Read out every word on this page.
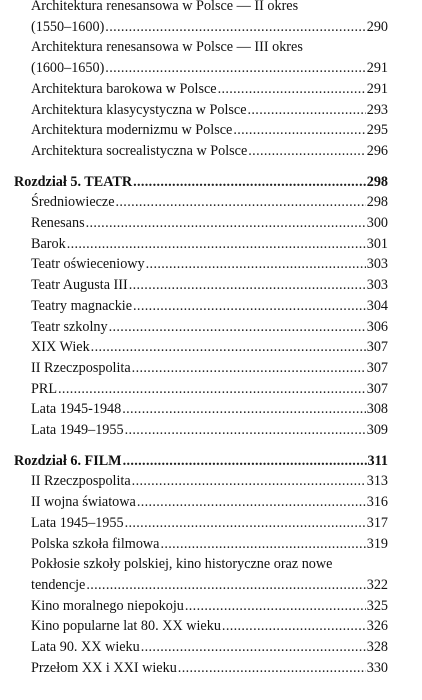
Architektura renesansowa w Polsce — II okres
(1550–1600) . . .	290
Architektura renesansowa w Polsce — III okres
(1600–1650) . . .	291
Architektura barokowa w Polsce . . .	291
Architektura klasycystyczna w Polsce . . .	293
Architektura modernizmu w Polsce . . .	295
Architektura socrealistyczna w Polsce . . .	296
Rozdział 5. TEATR . . .	298
Średniowiecze . . .	298
Renesans . . .	300
Barok . . .	301
Teatr oświeceniowy . . .	303
Teatr Augusta III . . .	303
Teatry magnackie . . .	304
Teatr szkolny . . .	306
XIX Wiek . . .	307
II Rzeczpospolita . . .	307
PRL . . .	307
Lata 1945-1948 . . .	308
Lata 1949–1955 . . .	309
Rozdział 6. FILM . . .	311
II Rzeczpospolita . . .	313
II wojna światowa . . .	316
Lata 1945–1955 . . .	317
Polska szkoła filmowa . . .	319
Pokłosie szkoły polskiej, kino historyczne oraz nowe
tendencje . . .	322
Kino moralnego niepokoju . . .	325
Kino popularne lat 80. XX wieku . . .	326
Lata 90. XX wieku . . .	328
Przełom XX i XXI wieku . . .	330
